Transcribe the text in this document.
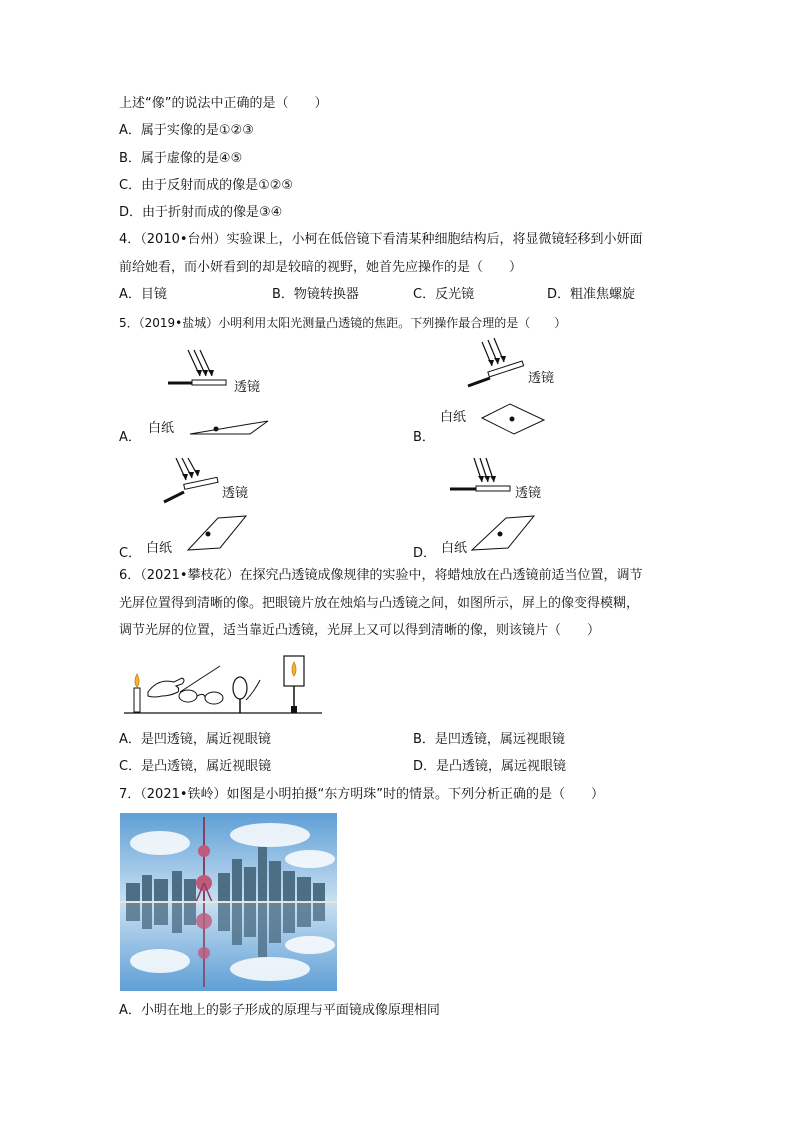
上述“像”的说法中正确的是（　　）
A．属于实像的是①②③
B．属于虚像的是④⑤
C．由于反射而成的像是①②⑤
D．由于折射而成的像是③④
4．（2010•台州）实验课上，小柯在低倍镜下看清某种细胞结构后，将显微镜轻移到小妍面
前给她看，而小妍看到的却是较暗的视野，她首先应操作的是（　　）
A．目镜	B．物镜转换器	C．反光镜	D．粗准焦螺旋
5．（2019•盐城）小明利用太阳光测量凸透镜的焦距。下列操作最合理的是（　　）
透镜
白纸
A．
透镜
白纸
B．
透镜
白纸
C．
透镜
白纸
D．
6．（2021•攀枝花）在探究凸透镜成像规律的实验中，将蜡烛放在凸透镜前适当位置，调节
光屏位置得到清晰的像。把眼镜片放在烛焰与凸透镜之间，如图所示，屏上的像变得模糊，
调节光屏的位置，适当靠近凸透镜，光屏上又可以得到清晰的像，则该镜片（　　）
A．是凹透镜，属近视眼镜	B．是凹透镜，属远视眼镜
C．是凸透镜，属近视眼镜	D．是凸透镜，属远视眼镜
7．（2021•铁岭）如图是小明拍摄“东方明珠”时的情景。下列分析正确的是（　　）
A．小明在地上的影子形成的原理与平面镜成像原理相同
